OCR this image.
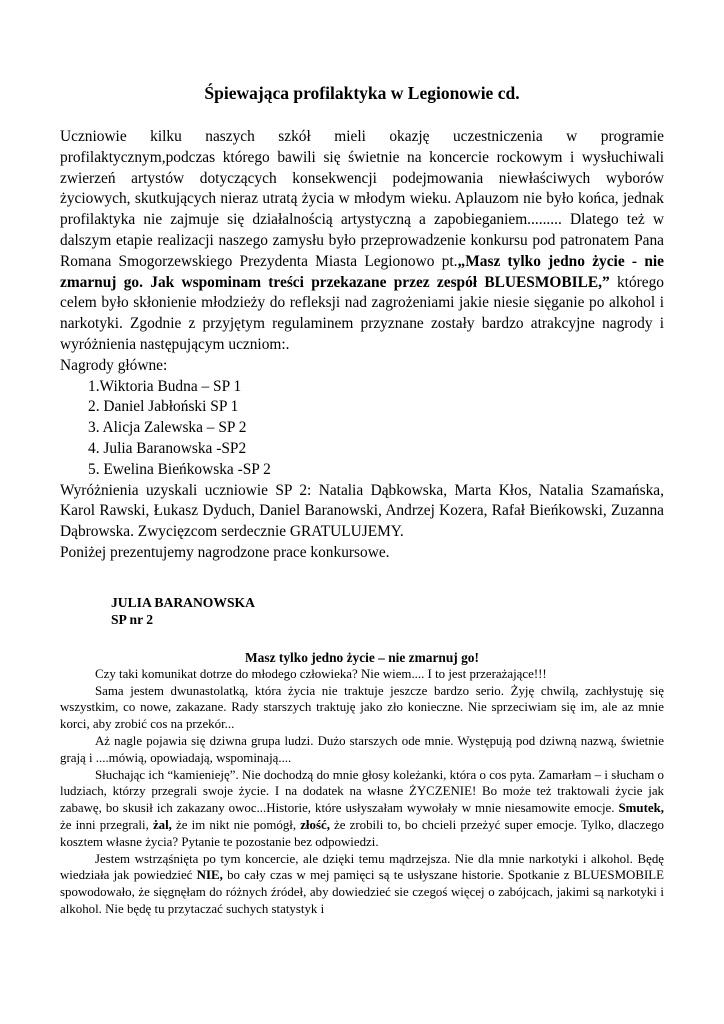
Śpiewająca profilaktyka w Legionowie cd.

Uczniowie kilku naszych szkół mieli okazję uczestniczenia w programie profilaktycznym,podczas którego bawili się świetnie na koncercie rockowym i wysłuchiwali zwierzeń artystów dotyczących konsekwencji podejmowania niewłaściwych wyborów życiowych, skutkujących nieraz utratą życia w młodym wieku. Aplauzom nie było końca, jednak profilaktyka nie zajmuje się działalnością artystyczną a zapobieganiem......... Dlatego też w dalszym etapie realizacji naszego zamysłu było przeprowadzenie konkursu pod patronatem Pana Romana Smogorzewskiego Prezydenta Miasta Legionowo pt.„Masz tylko jedno życie - nie zmarnuj go. Jak wspominam treści przekazane przez zespół BLUESMOBILE,” którego celem było skłonienie młodzieży do refleksji nad zagrożeniami jakie niesie sięganie po alkohol i narkotyki. Zgodnie z przyjętym regulaminem przyznane zostały bardzo atrakcyjne nagrody i wyróżnienia następującym uczniom:.

Nagrody główne:

1.Wiktoria Budna – SP 1
2. Daniel Jabłoński SP 1
3. Alicja Zalewska – SP 2
4. Julia Baranowska -SP2
5. Ewelina Bieńkowska -SP 2

Wyróżnienia uzyskali uczniowie SP 2: Natalia Dąbkowska, Marta Kłos, Natalia Szamańska, Karol Rawski, Łukasz Dyduch, Daniel Baranowski, Andrzej Kozera, Rafał Bieńkowski, Zuzanna Dąbrowska. Zwycięzcom serdecznie GRATULUJEMY.

Poniżej prezentujemy nagrodzone prace konkursowe.

JULIA BARANOWSKA
SP nr 2
Masz tylko jedno życie – nie zmarnuj go!

Czy taki komunikat dotrze do młodego człowieka? Nie wiem.... I to jest przerażające!!!

Sama jestem dwunastolatką, która życia nie traktuje jeszcze bardzo serio. Żyję chwilą, zachłystuję się wszystkim, co nowe, zakazane. Rady starszych traktuję jako zło konieczne. Nie sprzeciwiam się im, ale az mnie korci, aby zrobić cos na przekór...

Aż nagle pojawia się dziwna grupa ludzi. Dużo starszych ode mnie. Występują pod dziwną nazwą, świetnie grają i ....mówią, opowiadają, wspominają....

Słuchając ich “kamienieję”. Nie dochodzą do mnie głosy koleżanki, która o cos pyta. Zamarłam – i słucham o ludziach, którzy przegrali swoje życie. I na dodatek na własne ŻYCZENIE! Bo może też traktowali życie jak zabawę, bo skusił ich zakazany owoc...Historie, które usłyszałam wywołały w mnie niesamowite emocje. Smutek, że inni przegrali, żal, że im nikt nie pomógł, złość, że zrobili to, bo chcieli przeżyć super emocje. Tylko, dlaczego kosztem własne życia? Pytanie te pozostanie bez odpowiedzi.

Jestem wstrząśnięta po tym koncercie, ale dzięki temu mądrzejsza. Nie dla mnie narkotyki i alkohol. Będę wiedziała jak powiedzieć NIE, bo cały czas w mej pamięci są te usłyszane historie. Spotkanie z BLUESMOBILE spowodowało, że sięgnęłam do różnych źródeł, aby dowiedzieć sie czegoś więcej o zabójcach, jakimi są narkotyki i alkohol. Nie będę tu przytaczać suchych statystyk i
